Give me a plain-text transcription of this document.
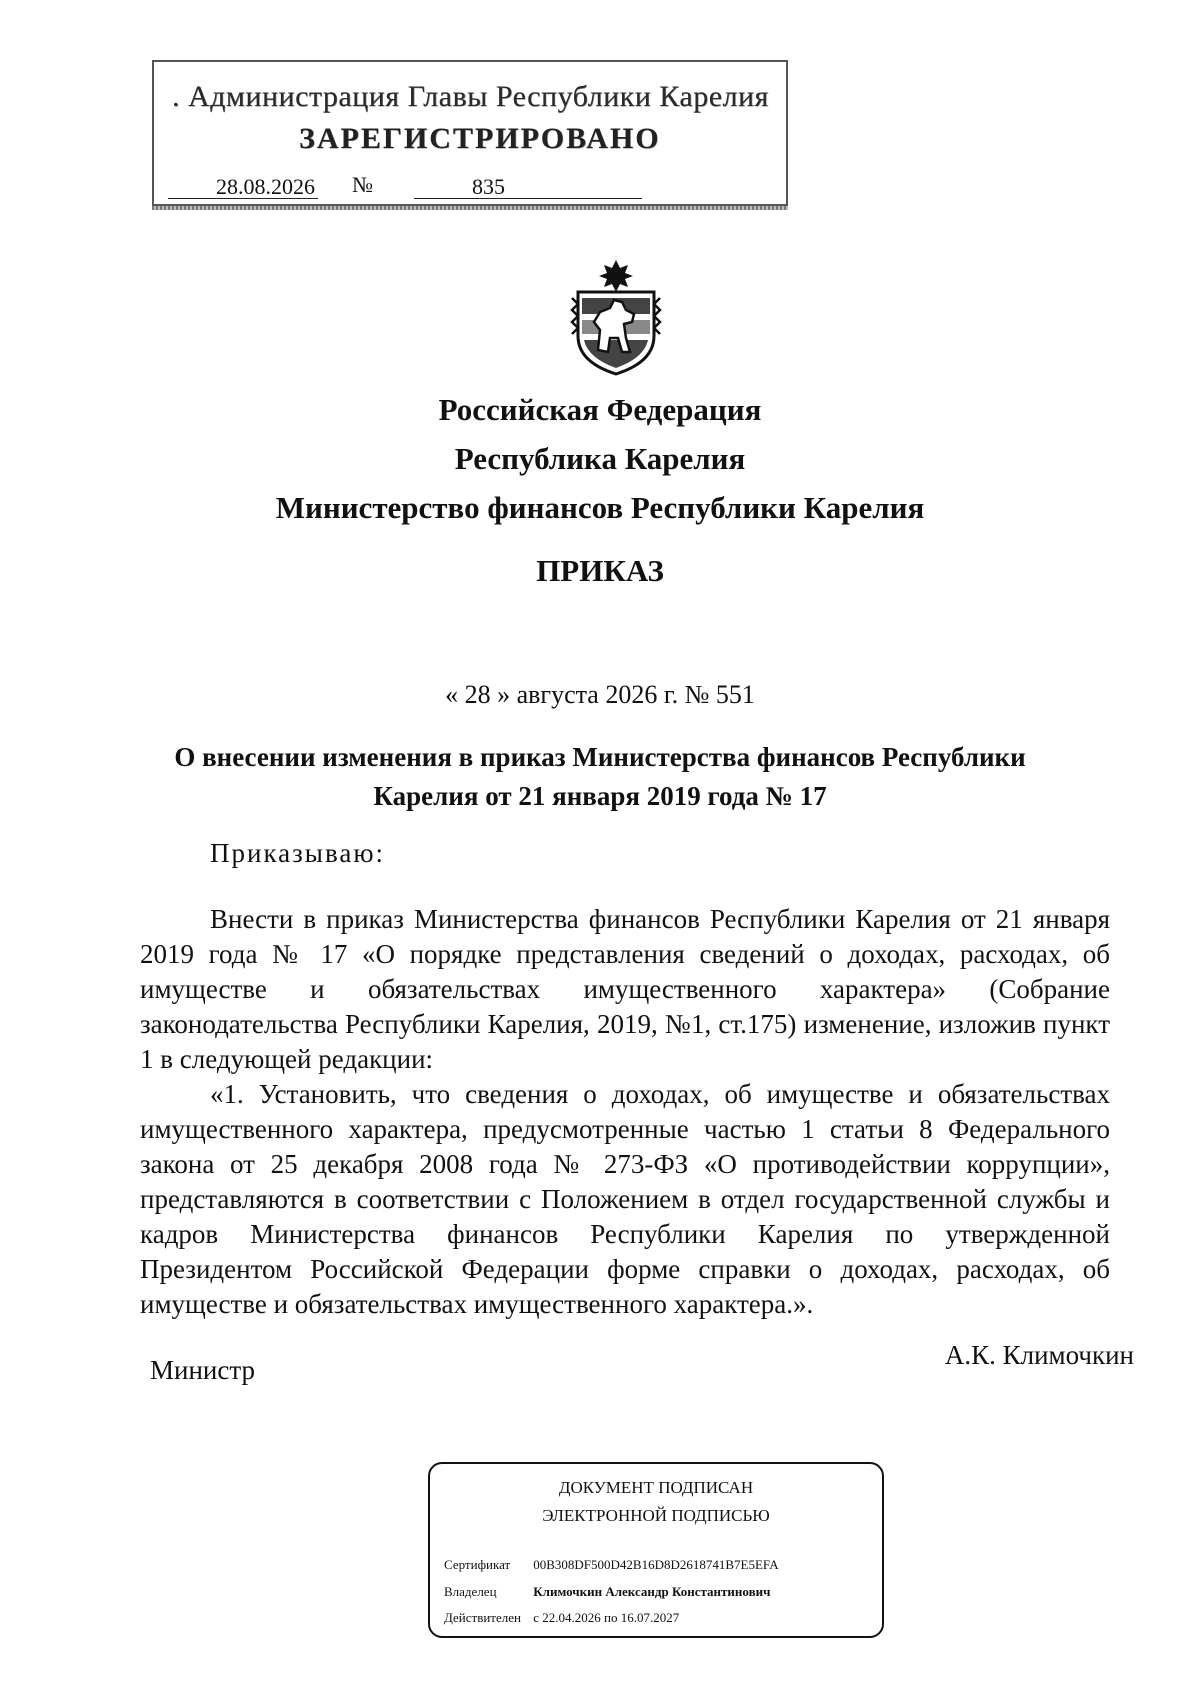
. Администрация Главы Республики Карелия
ЗАРЕГИСТРИРОВАНО
28.08.2026 №	835
Российская Федерация
Республика Карелия
Министерство финансов Республики Карелия
ПРИКАЗ
« 28 » августа 2026 г. № 551
О внесении изменения в приказ Министерства финансов Республики
Карелия от 21 января 2019 года № 17
Приказываю:

Внести в приказ Министерства финансов Республики Карелия от 21 января 2019 года № 17 «О порядке представления сведений о доходах, расходах, об имуществе и обязательствах имущественного характера» (Собрание законодательства Республики Карелия, 2019, №1, ст.175) изменение, изложив пункт 1 в следующей редакции:

«1. Установить, что сведения о доходах, об имуществе и обязательствах имущественного характера, предусмотренные частью 1 статьи 8 Федерального закона от 25 декабря 2008 года № 273-ФЗ «О противодействии коррупции», представляются в соответствии с Положением в отдел государственной службы и кадров Министерства финансов Республики Карелия по утвержденной Президентом Российской Федерации форме справки о доходах, расходах, об имуществе и обязательствах имущественного характера.».

Министр	А.К. Климочкин
ДОКУМЕНТ ПОДПИСАН
ЭЛЕКТРОННОЙ ПОДПИСЬЮ
Сертификат 00B308DF500D42B16D8D2618741B7E5EFA
Владелец	Климочкин Александр Константинович
Действителен с 22.04.2026 по 16.07.2027
